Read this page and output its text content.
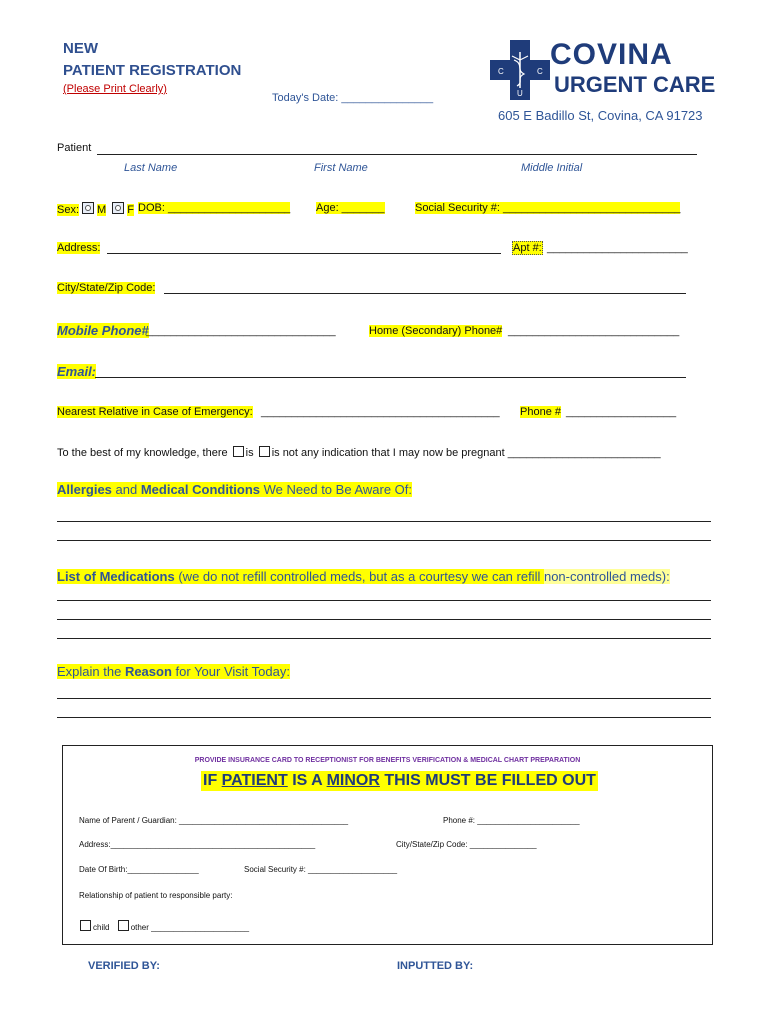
NEW
PATIENT REGISTRATION
(Please Print Clearly)
Today's Date: _______________
C	C
U
COVINA
URGENT CARE
605 E Badillo St, Covina, CA 91723
Patient
Last Name	First Name	Middle Initial
Sex: M F DOB: ____________________ Age: _______	Social Security #: _____________________________
Address:	Apt #: _______________________
City/State/Zip Code:
Mobile Phone#
_______________________________	Home (Secondary) Phone# ____________________________
Email:
Nearest Relative in Case of Emergency: _______________________________________ Phone # __________________
To the best of my knowledge, there is is not any indication that I may now be pregnant _________________________
Allergies and Medical Conditions We Need to Be Aware Of:
List of Medications (we do not refill controlled meds, but as a courtesy we can refill non-controlled meds):
Explain the Reason for Your Visit Today:
PROVIDE INSURANCE CARD TO RECEPTIONIST FOR BENEFITS VERIFICATION & MEDICAL CHART PREPARATION
IF PATIENT IS A MINOR THIS MUST BE FILLED OUT
Name of Parent / Guardian: ______________________________________	Phone #: _______________________
Address:______________________________________________	City/State/Zip Code: _______________
Date Of Birth:________________	Social Security #: ____________________
Relationship of patient to responsible party:
child	other ______________________
VERIFIED BY:	INPUTTED BY:
